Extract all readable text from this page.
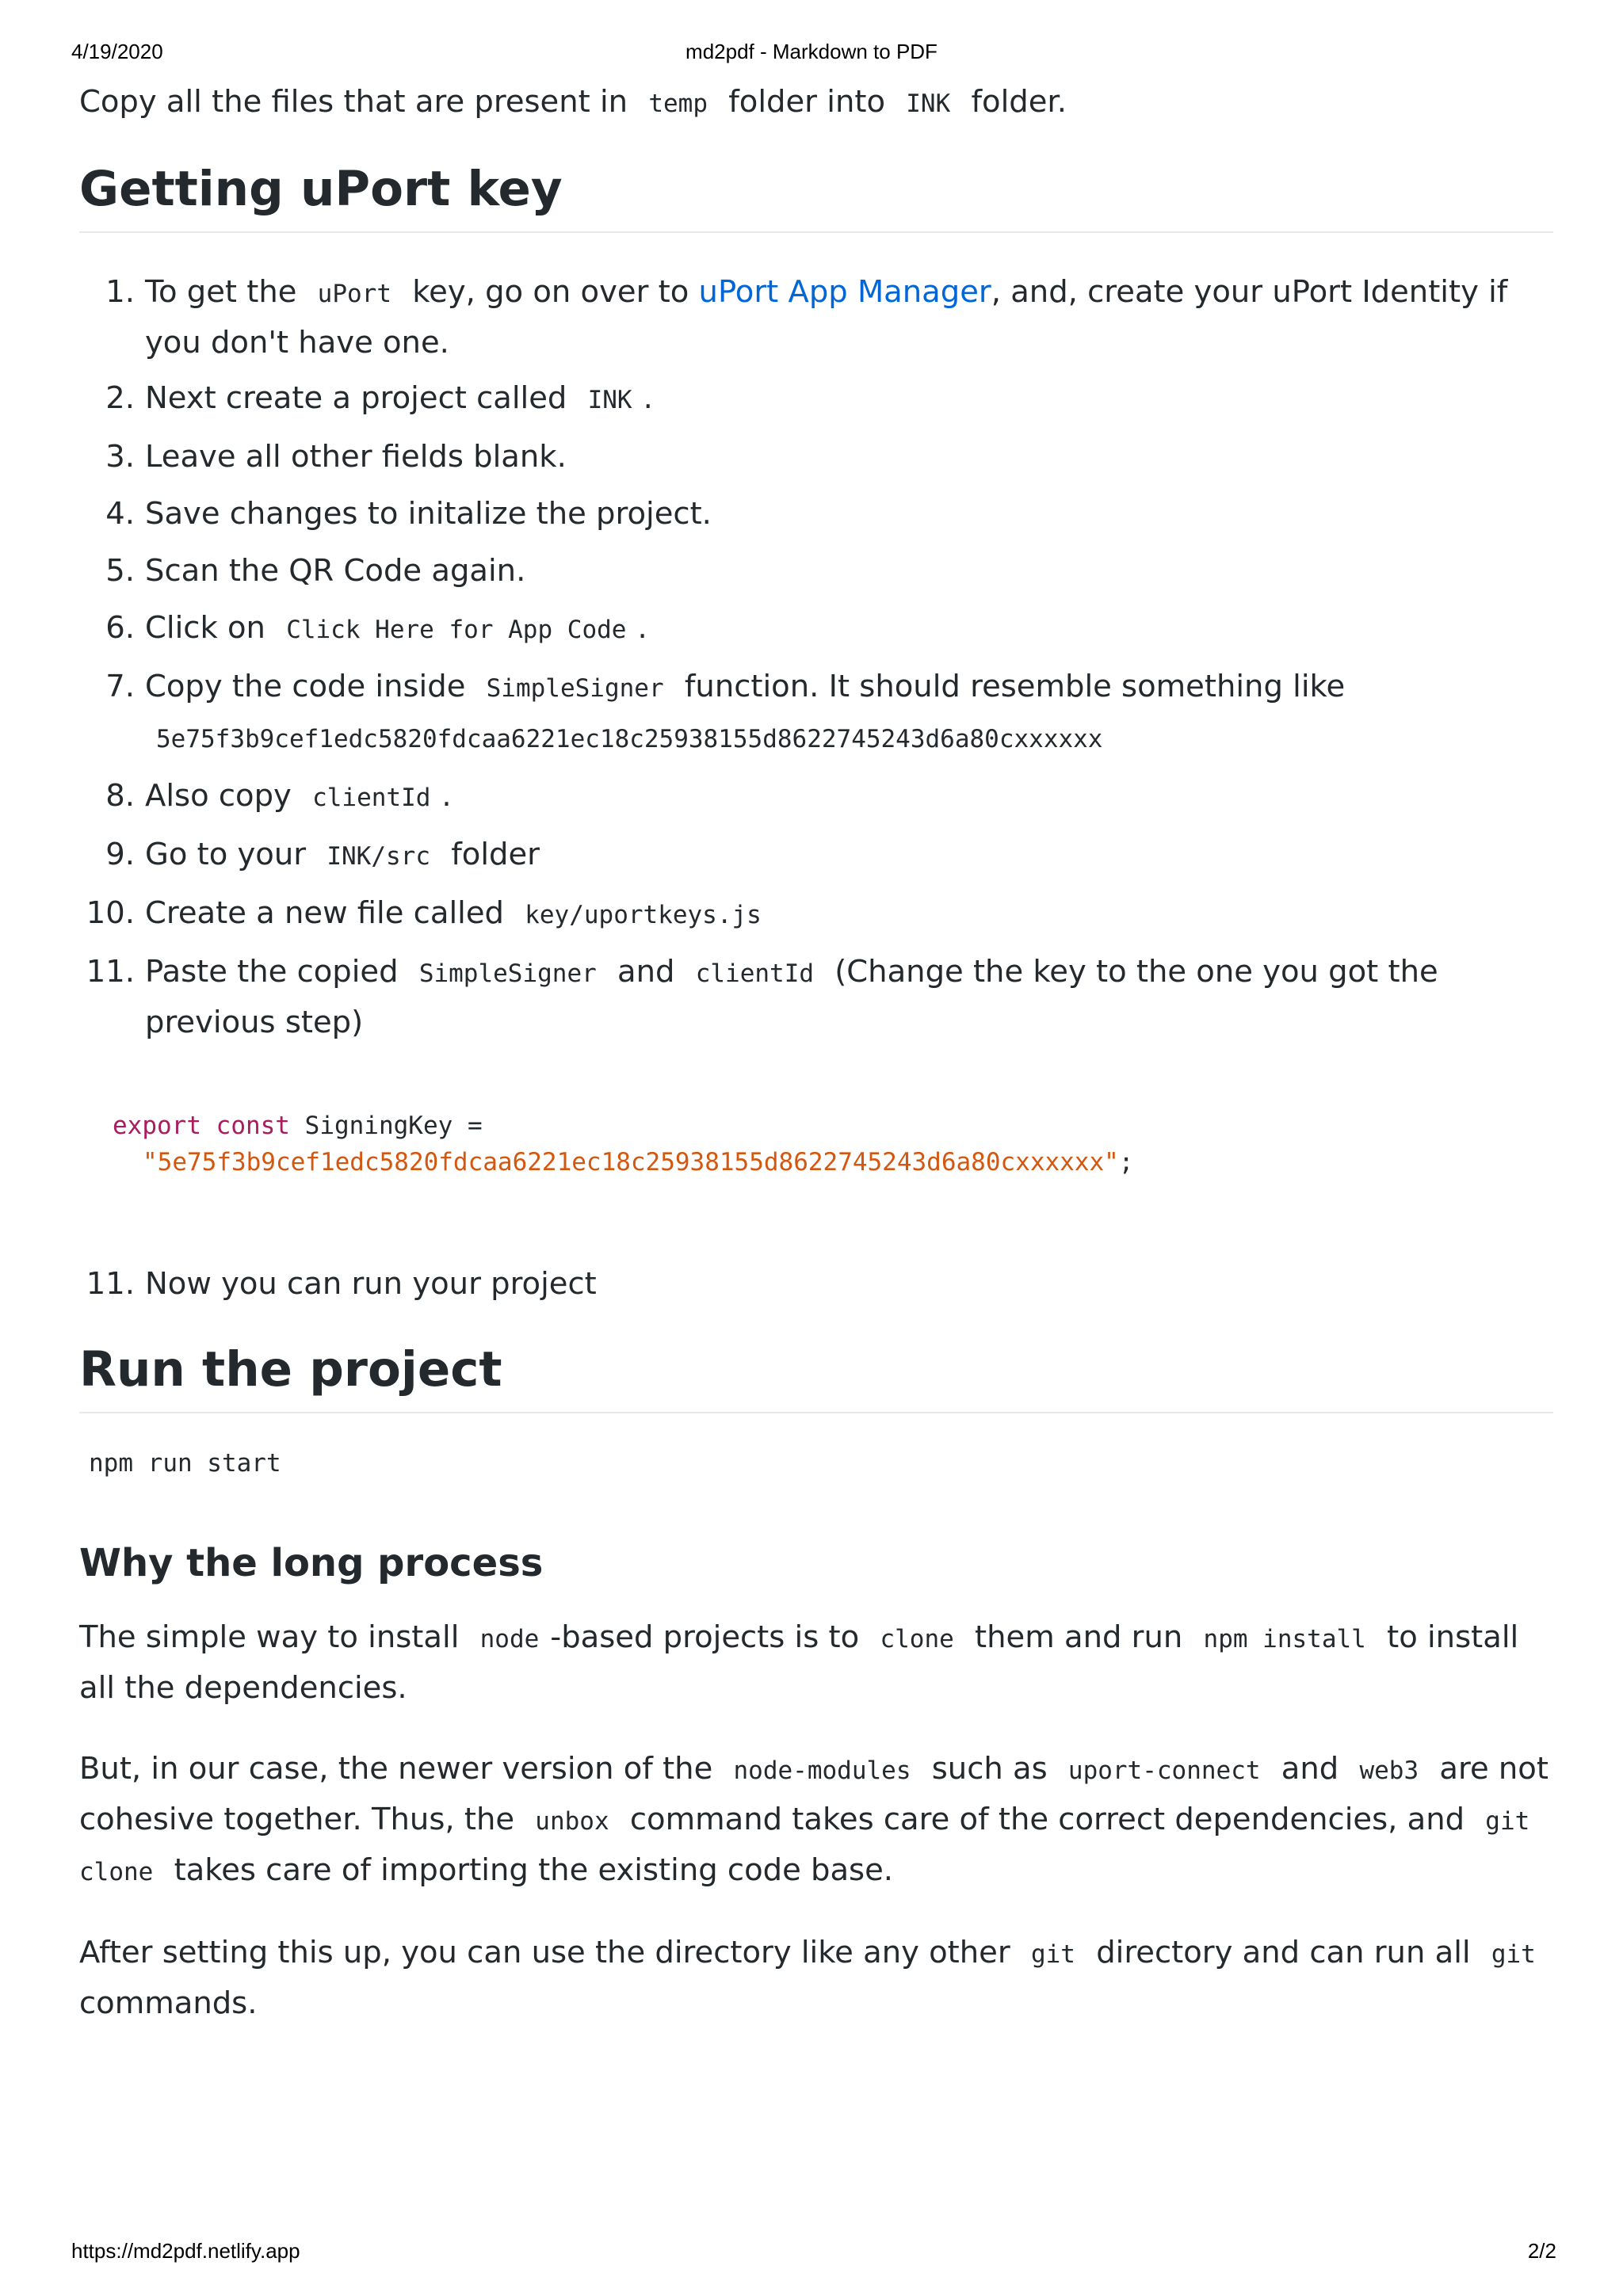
4/19/2020	md2pdf - Markdown to PDF

Copy all the files that are present in temp folder into INK folder.

Getting uPort key
1. To get the uPort key, go on over to uPort App Manager, and, create your uPort Identity if you don't have one.
2. Next create a project called INK .
3. Leave all other fields blank.
4. Save changes to initalize the project.
5. Scan the QR Code again.
6. Click on Click Here for App Code .
7. Copy the code inside SimpleSigner function. It should resemble something like
5e75f3b9cef1edc5820fdcaa6221ec18c25938155d8622745243d6a80cxxxxxx
8. Also copy clientId .
9. Go to your INK/src folder
10. Create a new file called key/uportkeys.js
11. Paste the copied SimpleSigner and clientId (Change the key to the one you got the previous step)
export const SigningKey =
"5e75f3b9cef1edc5820fdcaa6221ec18c25938155d8622745243d6a80cxxxxxx";
11. Now you can run your project
Run the project
npm run start
Why the long process

The simple way to install node -based projects is to clone them and run npm install to install all the dependencies.

But, in our case, the newer version of the node-modules such as uport-connect and web3 are not cohesive together. Thus, the unbox command takes care of the correct dependencies, and git clone takes care of importing the existing code base.

After setting this up, you can use the directory like any other git directory and can run all git commands.

https://md2pdf.netlify.app	2/2
